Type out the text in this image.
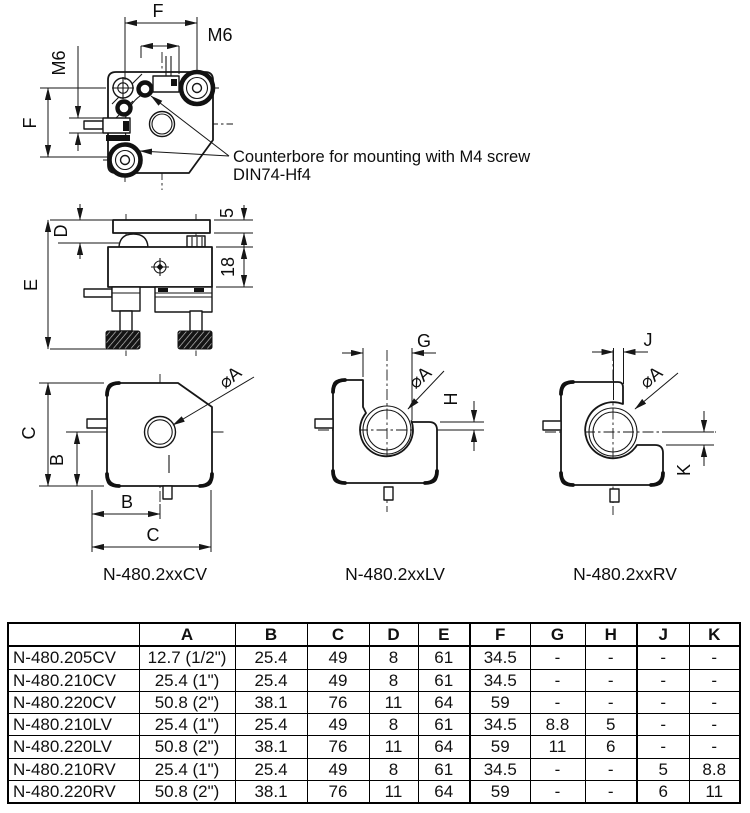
F
M6
M6
F
Counterbore for mounting with M4 screw
DIN74-Hf4
D
E
5
18
C
B
⌀A
B
C
N-480.2xxCV
G
⌀A
H
N-480.2xxLV
J
⌀A
K
N-480.2xxRV
	A	B	C	D	E	F	G	H	J	K
N-480.205CV	12.7 (1/2")	25.4	49	8	61	34.5	-	-	-	-
N-480.210CV	25.4 (1")	25.4	49	8	61	34.5	-	-	-	-
N-480.220CV	50.8 (2")	38.1	76	11	64	59	-	-	-	-
N-480.210LV	25.4 (1")	25.4	49	8	61	34.5	8.8	5	-	-
N-480.220LV	50.8 (2")	38.1	76	11	64	59	11	6	-	-
N-480.210RV	25.4 (1")	25.4	49	8	61	34.5	-	-	5	8.8
N-480.220RV	50.8 (2")	38.1	76	11	64	59	-	-	6	11
